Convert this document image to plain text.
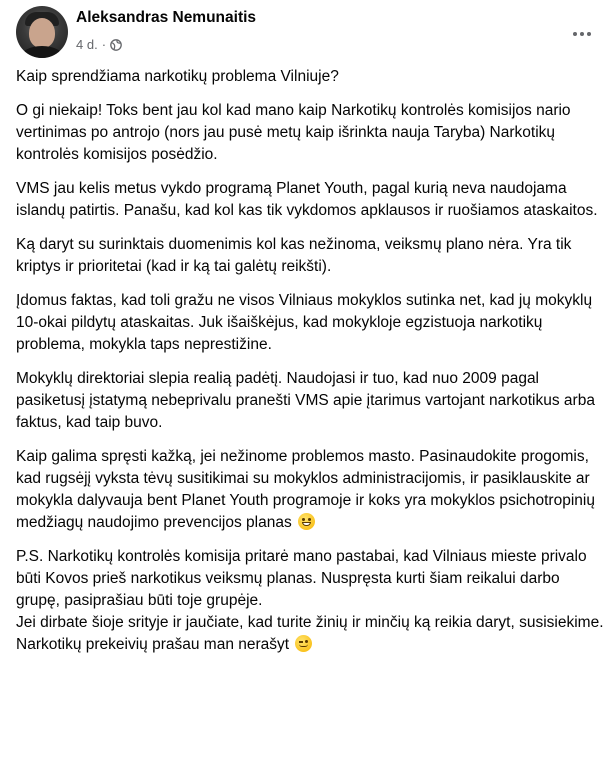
Aleksandras Nemunaitis
4 d. ·

Kaip sprendžiama narkotikų problema Vilniuje?

O gi niekaip! Toks bent jau kol kad mano kaip Narkotikų kontrolės komisijos nario vertinimas po antrojo (nors jau pusė metų kaip išrinkta nauja Taryba) Narkotikų kontrolės komisijos posėdžio.

VMS jau kelis metus vykdo programą Planet Youth, pagal kurią neva naudojama islandų patirtis. Panašu, kad kol kas tik vykdomos apklausos ir ruošiamos ataskaitos.

Ką daryt su surinktais duomenimis kol kas nežinoma, veiksmų plano nėra. Yra tik kriptys ir prioritetai (kad ir ką tai galėtų reikšti).

Įdomus faktas, kad toli gražu ne visos Vilniaus mokyklos sutinka net, kad jų mokyklų 10-okai pildytų ataskaitas. Juk išaiškėjus, kad mokykloje egzistuoja narkotikų problema, mokykla taps neprestižine.

Mokyklų direktoriai slepia realią padėtį. Naudojasi ir tuo, kad nuo 2009 pagal pasiketusį įstatymą nebeprivalu pranešti VMS apie įtarimus vartojant narkotikus arba faktus, kad taip buvo.

Kaip galima spręsti kažką, jei nežinome problemos masto. Pasinaudokite progomis, kad rugsėjį vyksta tėvų susitikimai su mokyklos administracijomis, ir pasiklauskite ar mokykla dalyvauja bent Planet Youth programoje ir koks yra mokyklos psichotropinių medžiagų naudojimo prevencijos planas

P.S. Narkotikų kontrolės komisija pritarė mano pastabai, kad Vilniaus mieste privalo būti Kovos prieš narkotikus veiksmų planas. Nuspręsta kurti šiam reikalui darbo grupę, pasiprašiau būti toje grupėje.
Jei dirbate šioje srityje ir jaučiate, kad turite žinių ir minčių ką reikia daryt, susisiekime. Narkotikų prekeivių prašau man nerašyt
